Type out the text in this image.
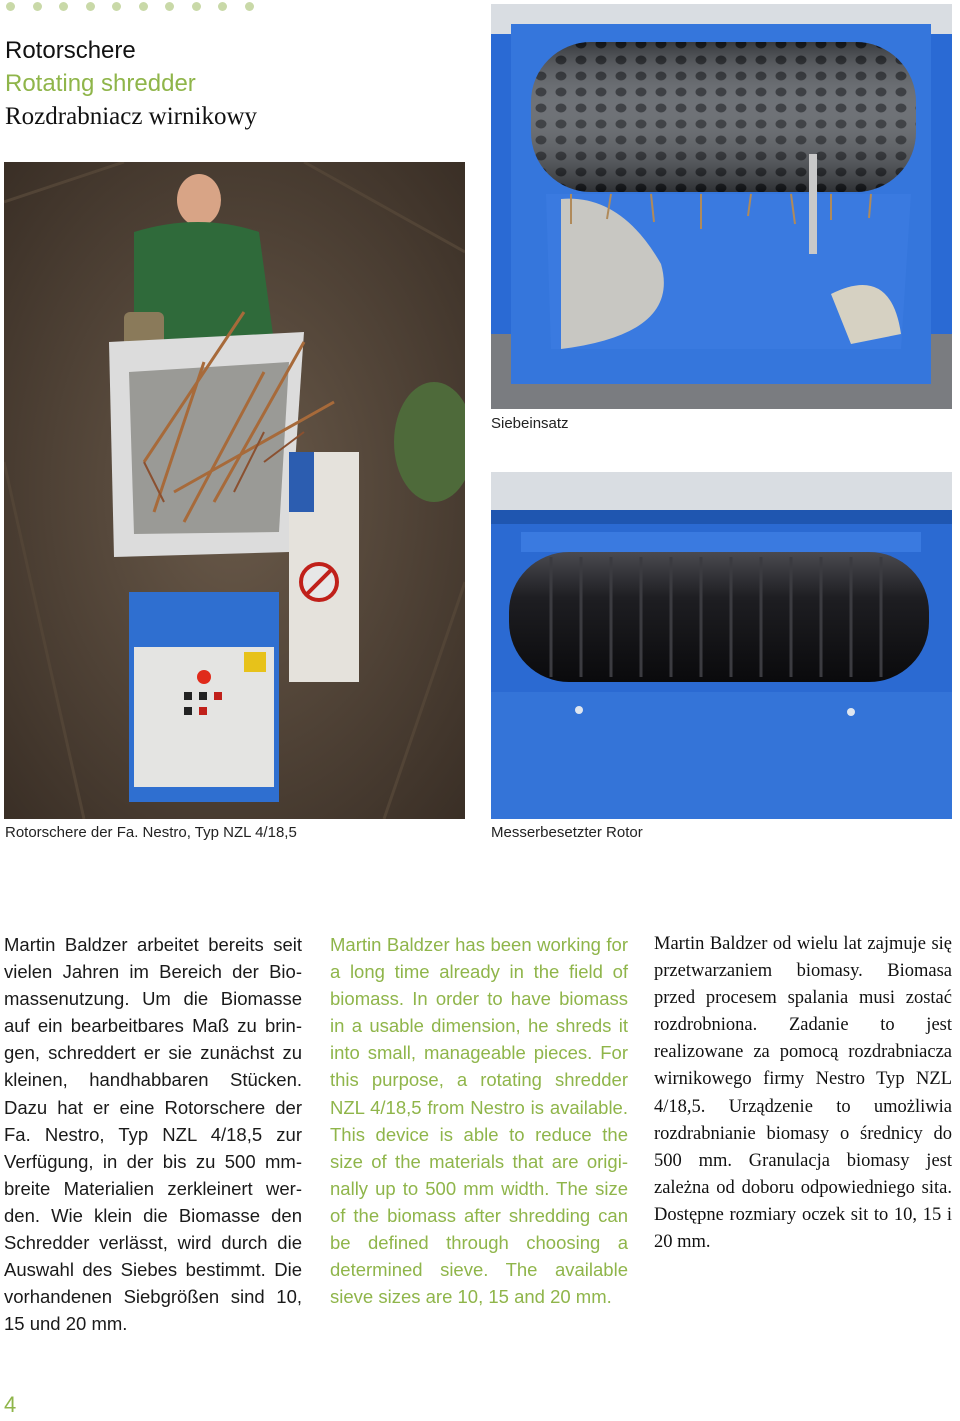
Rotorschere
Rotating shredder
Rozdrabniacz wirnikowy
Rotorschere der Fa. Nestro, Typ NZL 4/18,5
Siebeinsatz
Messerbesetzter Rotor
Martin Baldzer arbeitet bereits seit vielen Jahren im Bereich der Biomassenutzung. Um die Biomasse auf ein bearbeitbares Maß zu bringen, schreddert er sie zunächst zu kleinen, handhabbaren Stücken. Dazu hat er eine Rotorschere der Fa. Nestro, Typ NZL 4/18,5 zur Verfügung, in der bis zu 500 mm-breite Materialien zerkleinert werden. Wie klein die Biomasse den Schredder verlässt, wird durch die Auswahl des Siebes bestimmt. Die vorhandenen Siebgrößen sind 10, 15 und 20 mm.
Martin Baldzer has been working for a long time already in the field of biomass. In order to have biomass in a usable dimension, he shreds it into small, manageable pieces. For this purpose, a rotating shredder NZL 4/18,5 from Nestro is available. This device is able to reduce the size of the materials that are originally up to 500 mm width. The size of the biomass after shredding can be defined through choosing a determined sieve. The available sieve sizes are 10, 15 and 20 mm.
Martin Baldzer od wielu lat zajmuje się przetwarzaniem biomasy. Biomasa przed procesem spalania musi zostać rozdrobniona. Zadanie to jest realizowane za pomocą rozdrabniacza wirnikowego firmy Nestro Typ NZL 4/18,5. Urządzenie to umożliwia rozdrabnianie biomasy o średnicy do 500 mm. Granulacja biomasy jest zależna od doboru odpowiedniego sita. Dostępne rozmiary oczek sit to 10, 15 i 20 mm.
4
